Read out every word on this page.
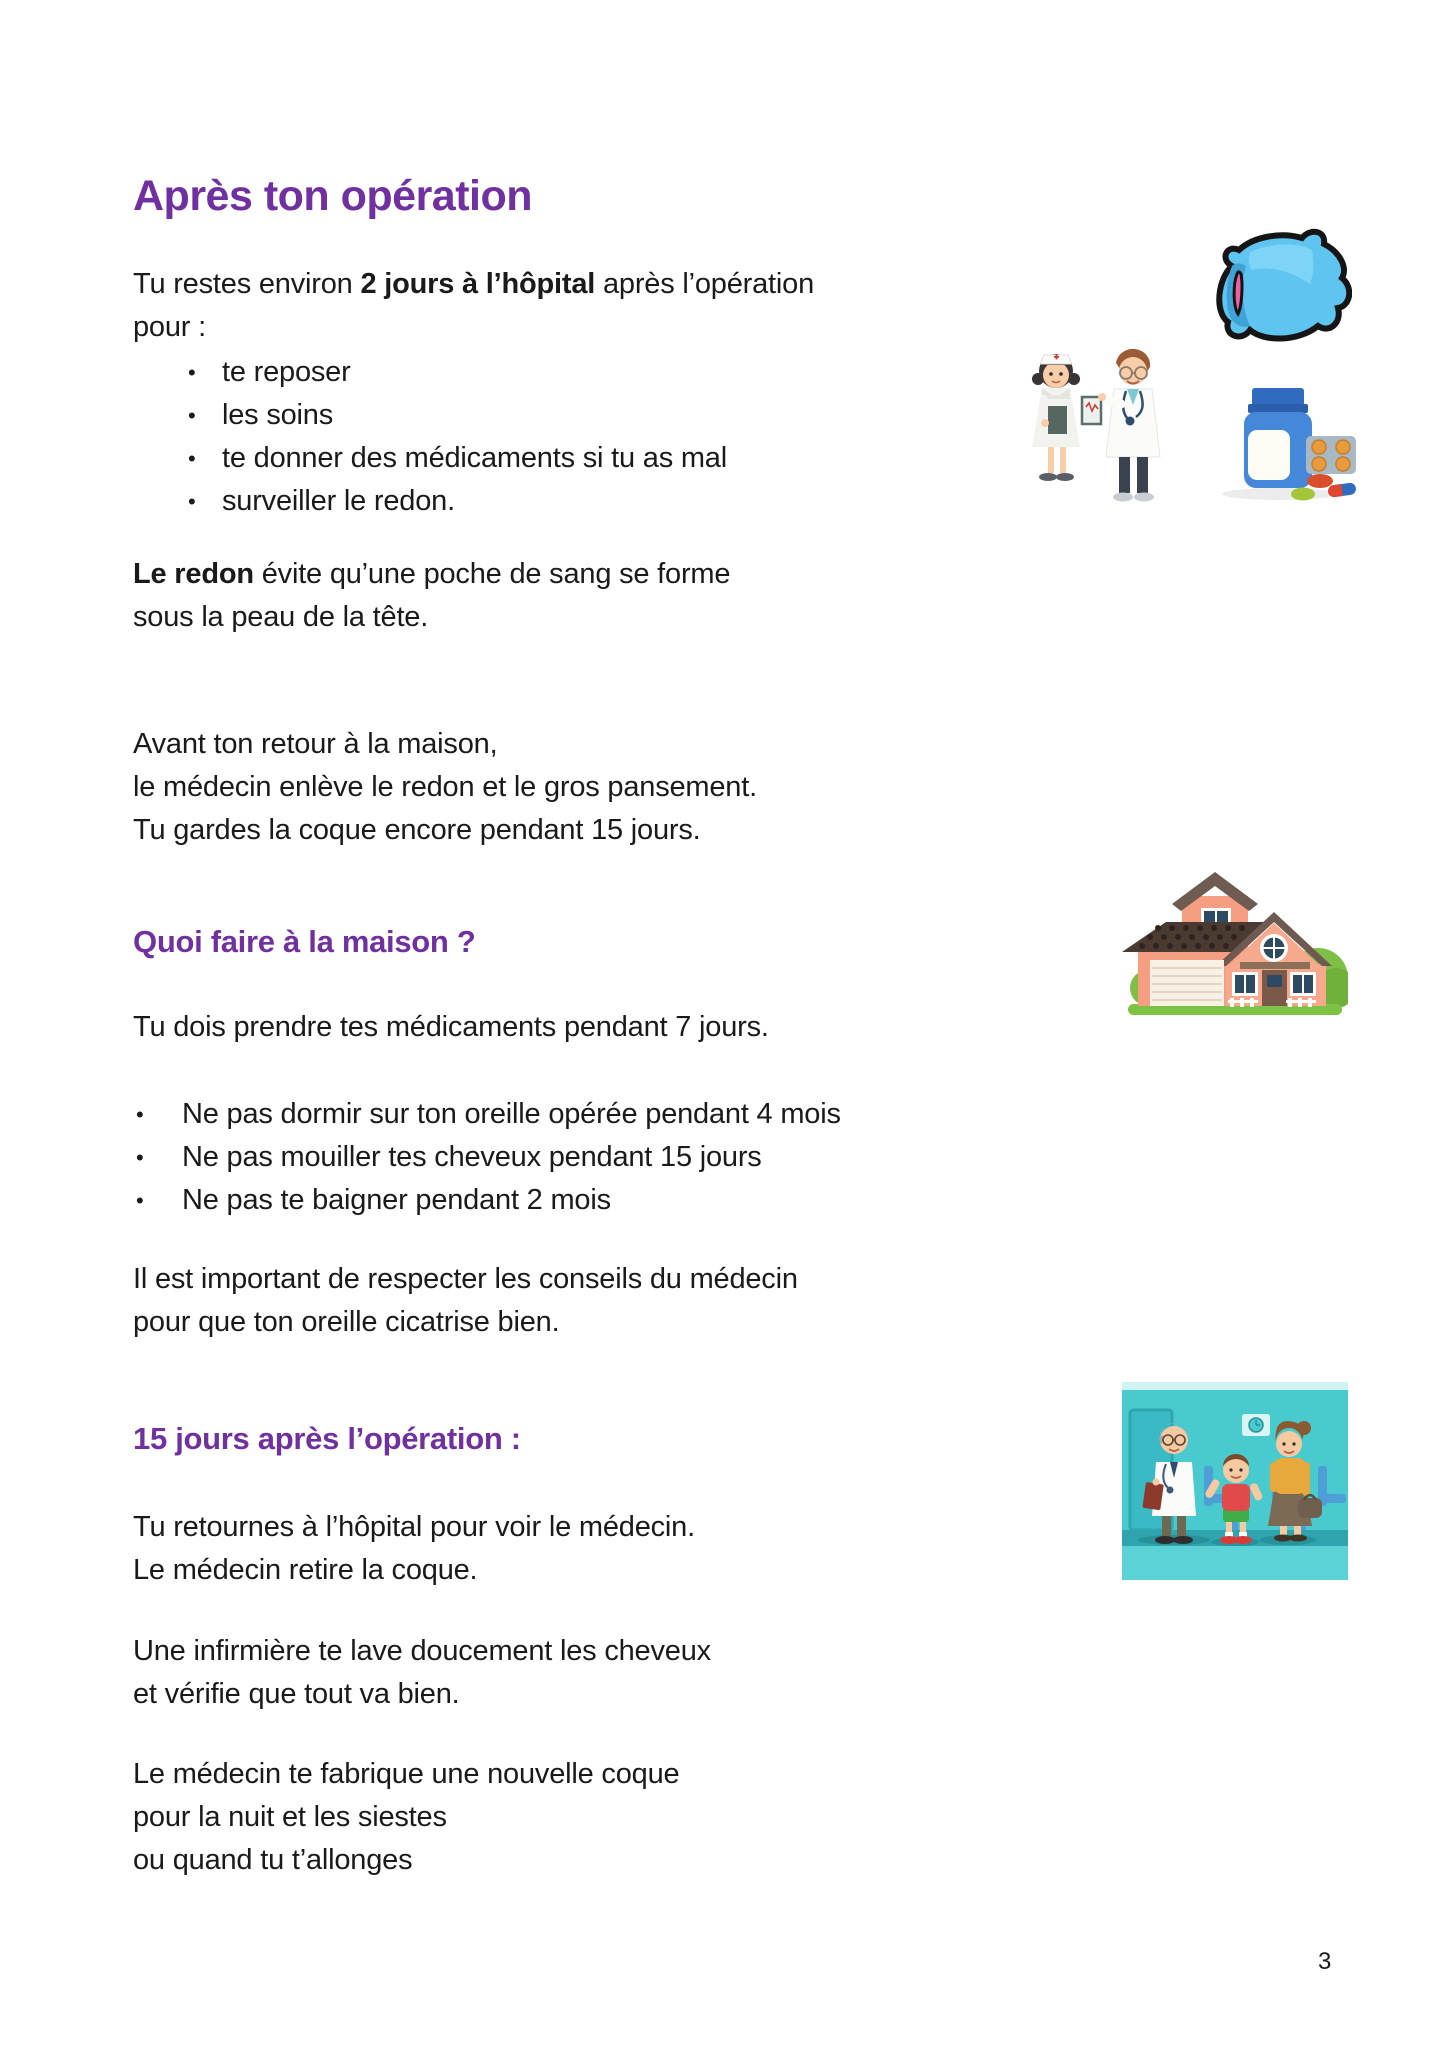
Après ton opération
Tu restes environ 2 jours à l’hôpital après l’opération
pour :
• te reposer
• les soins
• te donner des médicaments si tu as mal
• surveiller le redon.
Le redon évite qu’une poche de sang se forme
sous la peau de la tête.
Avant ton retour à la maison,
le médecin enlève le redon et le gros pansement.
Tu gardes la coque encore pendant 15 jours.
Quoi faire à la maison ?
Tu dois prendre tes médicaments pendant 7 jours.
• Ne pas dormir sur ton oreille opérée pendant 4 mois
• Ne pas mouiller tes cheveux pendant 15 jours
• Ne pas te baigner pendant 2 mois
Il est important de respecter les conseils du médecin
pour que ton oreille cicatrise bien.
15 jours après l’opération :
Tu retournes à l’hôpital pour voir le médecin.
Le médecin retire la coque.
Une infirmière te lave doucement les cheveux
et vérifie que tout va bien.
Le médecin te fabrique une nouvelle coque
pour la nuit et les siestes
ou quand tu t’allonges
3
